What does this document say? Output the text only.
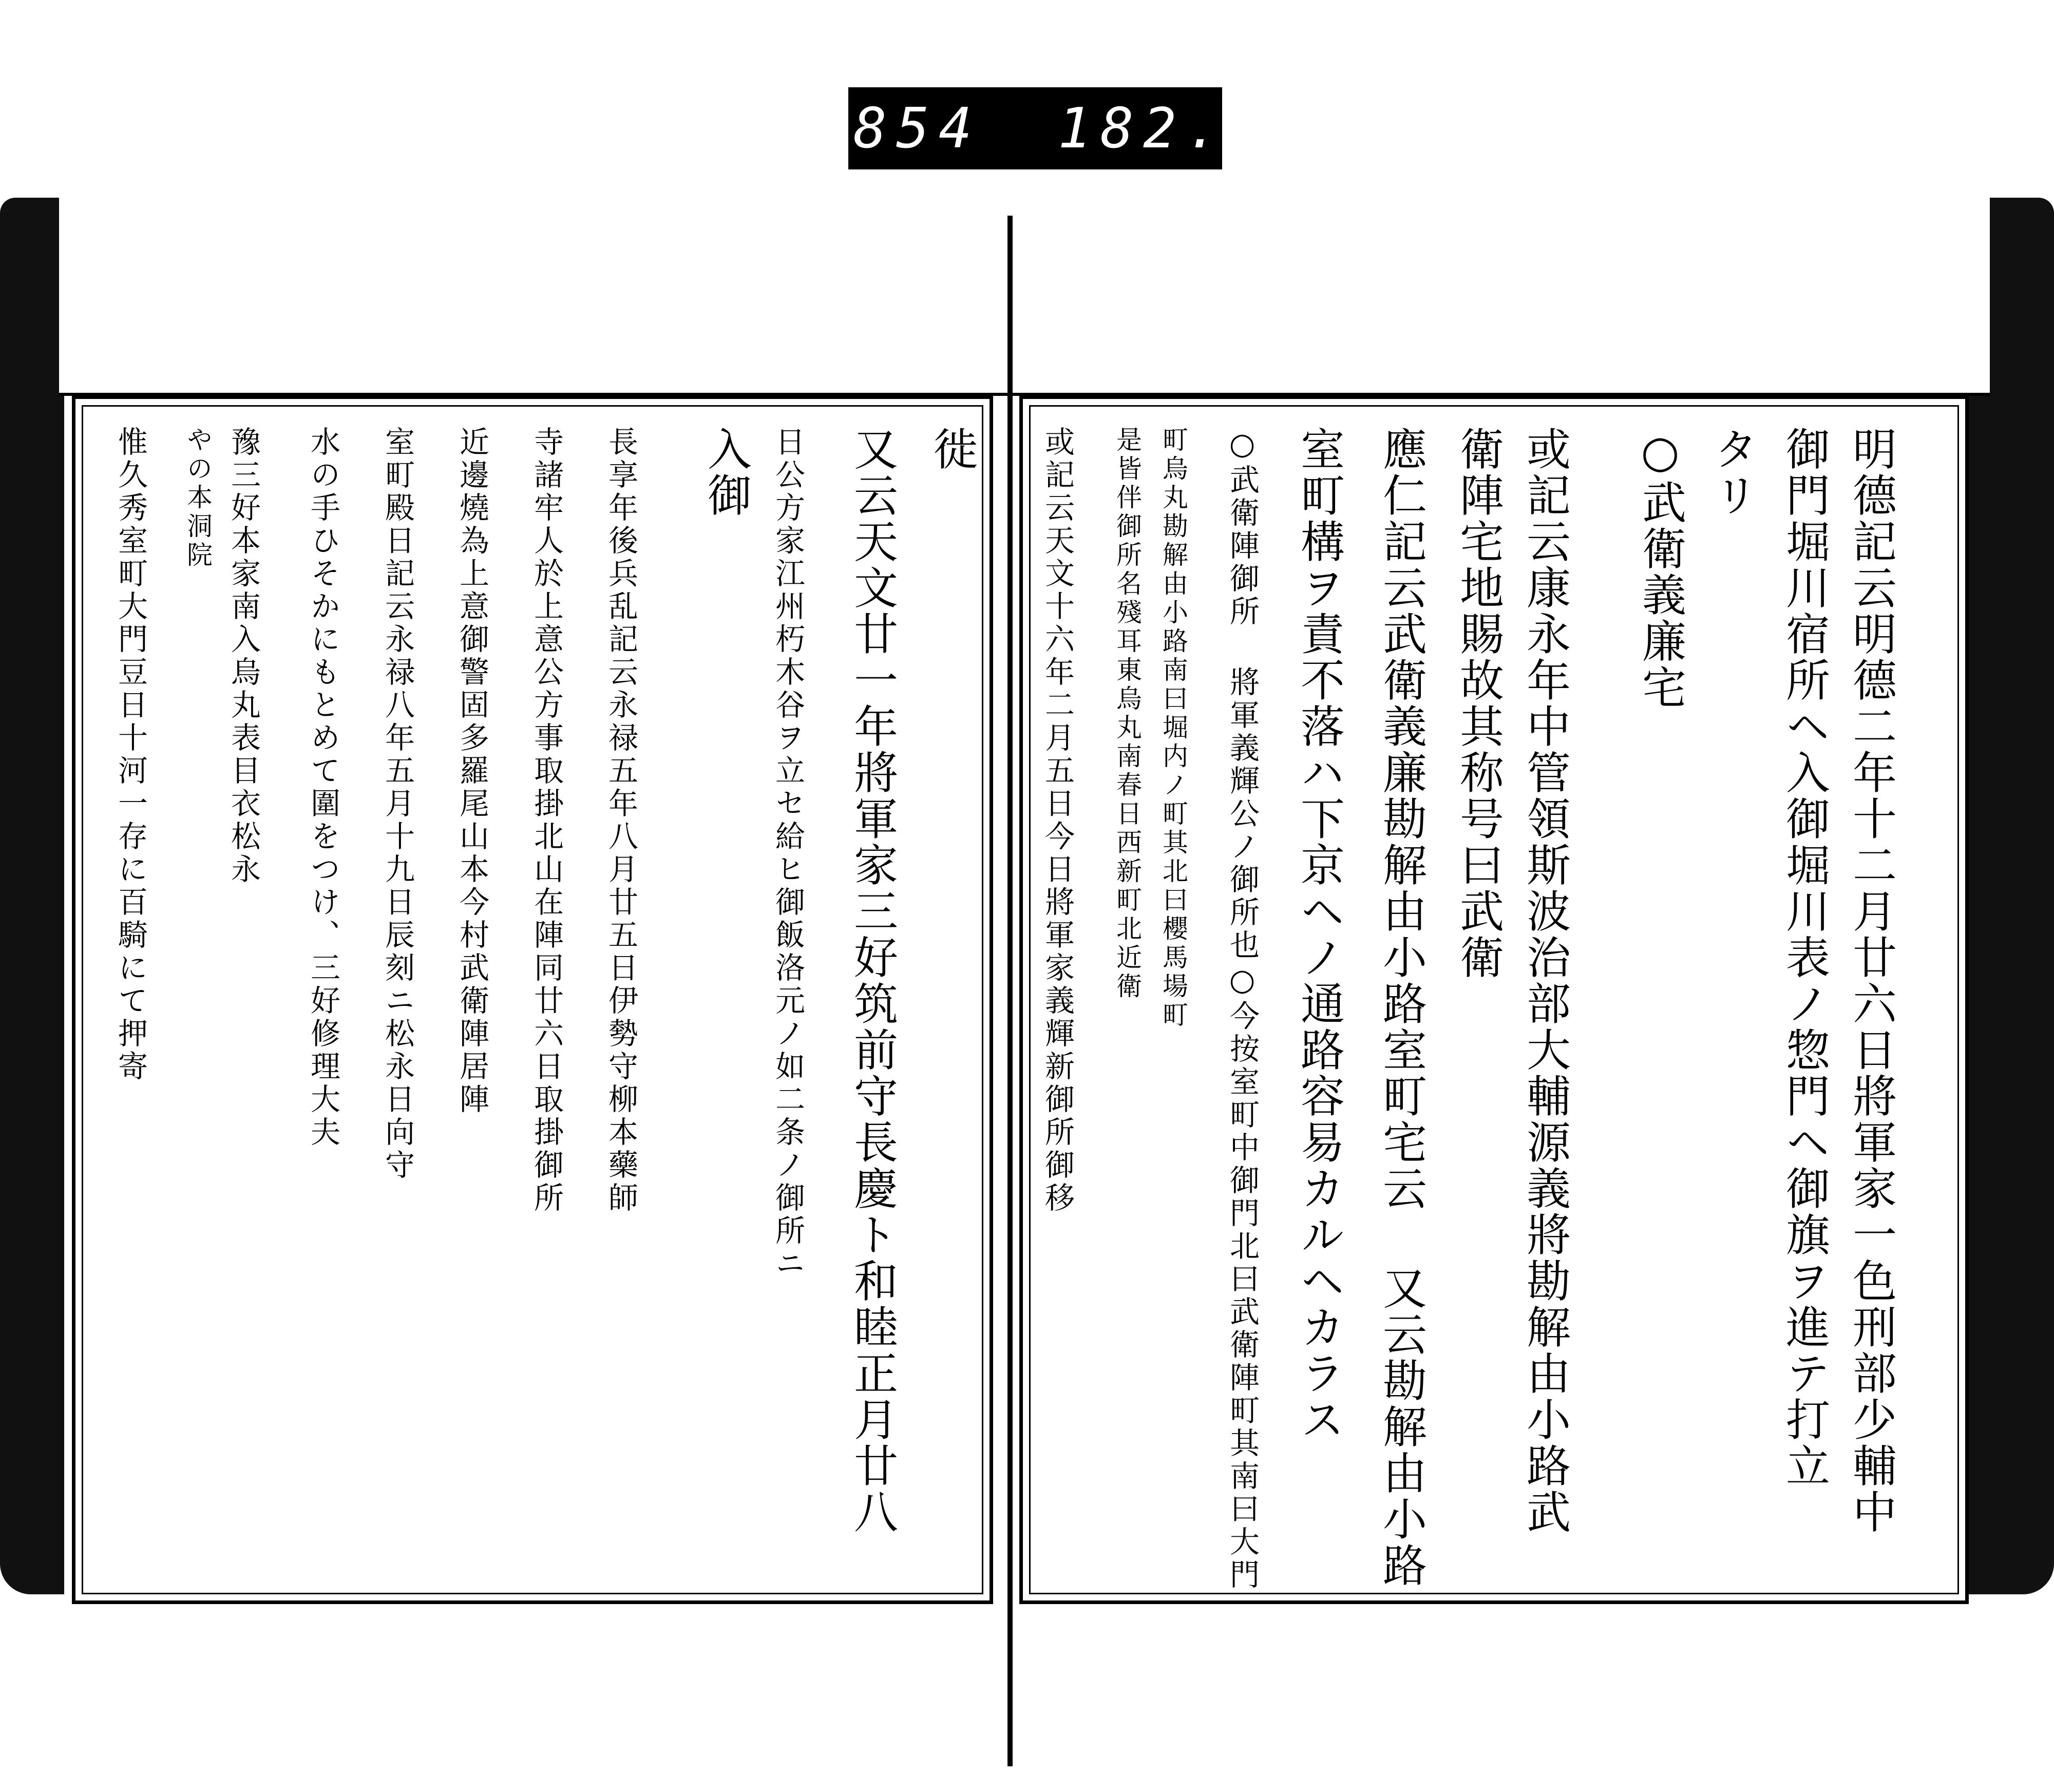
854 182.
明德記云明德二年十二月廿六日將軍家一色刑部少輔中
御門堀川宿所ヘ入御堀川表ノ惣門ヘ御旗ヲ進テ打立
タリ
○武衛義廉宅
或記云康永年中管領斯波治部大輔源義將勘解由小路武
衛陣宅地賜故其称号曰武衛
應仁記云武衛義廉勘解由小路室町宅云 又云勘解由小路
室町構ヲ責不落ハ下京ヘノ通路容易カルヘカラス
○武衛陣御所 將軍義輝公ノ御所也○今按室町中御門北曰武衛陣町其南曰大門
町烏丸勘解由小路南曰堀内ノ町其北曰櫻馬場町
是皆伴御所名殘耳東烏丸南春日西新町北近衛
或記云天文十六年二月五日今日將軍家義輝新御所御移
徙
又云天文廿一年將軍家三好筑前守長慶ト和睦正月廿八
日公方家江州朽木谷ヲ立セ給ヒ御飯洛元ノ如二条ノ御所ニ
入御
長享年後兵乱記云永禄五年八月廿五日伊勢守柳本藥師
寺諸牢人於上意公方事取掛北山在陣同廿六日取掛御所
近邊燒為上意御警固多羅尾山本今村武衛陣居陣
室町殿日記云永禄八年五月十九日辰刻ニ松永日向守
水の手ひそかにもとめて圍をつけ、三好修理大夫
豫三好本家南入烏丸表目衣松永
やの本洞院
惟久秀室町大門豆日十河一存に百騎にて押寄
